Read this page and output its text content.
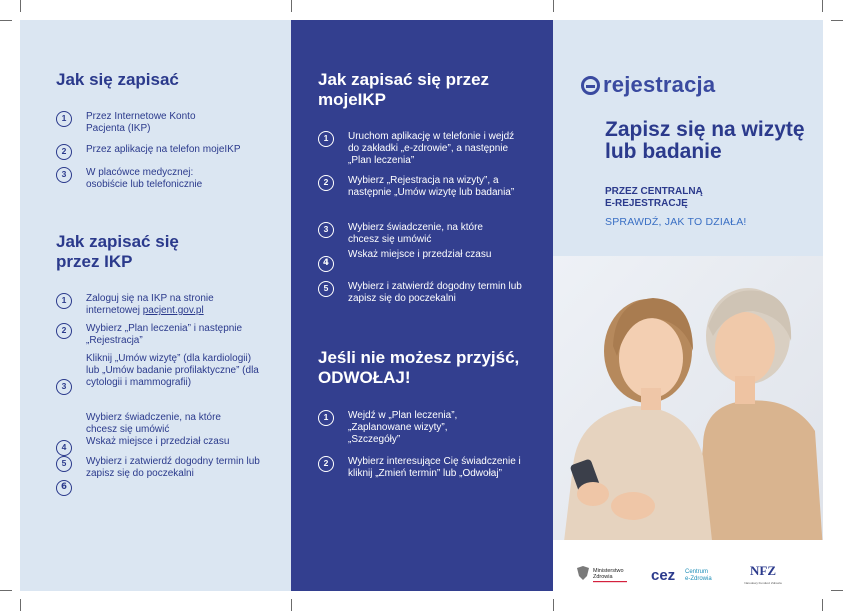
Jak się zapisać
1	Przez Internetowe Konto Pacjenta (IKP)
2	Przez aplikację na telefon mojeIKP
3	W placówce medycznej: osobiście lub telefonicznie
Jak zapisać się przez IKP
1	Zaloguj się na IKP na stronie internetowej pacjent.gov.pl
2	Wybierz „Plan leczenia” i następnie „Rejestracja”
3
Kliknij „Umów wizytę” (dla kardiologii) lub „Umów badanie profilaktyczne” (dla cytologii i mammografii)
4
Wybierz świadczenie, na które chcesz się umówić
Wskaż miejsce i przedział czasu
5	Wybierz i zatwierdź dogodny termin lub zapisz się do poczekalni
6
Jak zapisać się przez mojeIKP
1	Uruchom aplikację w telefonie i wejdź do zakładki „e-zdrowie”, a następnie „Plan leczenia”
2	Wybierz „Rejestracja na wizyty”, a następnie „Umów wizytę lub badania”
3	Wybierz świadczenie, na które chcesz się umówić
Wskaż miejsce i przedział czasu
4
5	Wybierz i zatwierdź dogodny termin lub zapisz się do poczekalni
Jeśli nie możesz przyjść, ODWOŁAJ!
1	Wejdź w „Plan leczenia”, „Zaplanowane wizyty”, „Szczegóły”
2	Wybierz interesujące Cię świadczenie i kliknij „Zmień termin” lub „Odwołaj”
rejestracja
Zapisz się na wizytę lub badanie
PRZEZ CENTRALNĄ
E-REJESTRACJĘ
SPRAWDŹ, JAK TO DZIAŁA!
Ministerstwo
Zdrowia	cez Centrum
e-Zdrowia
NFZ
Narodowy Fundusz Zdrowia
